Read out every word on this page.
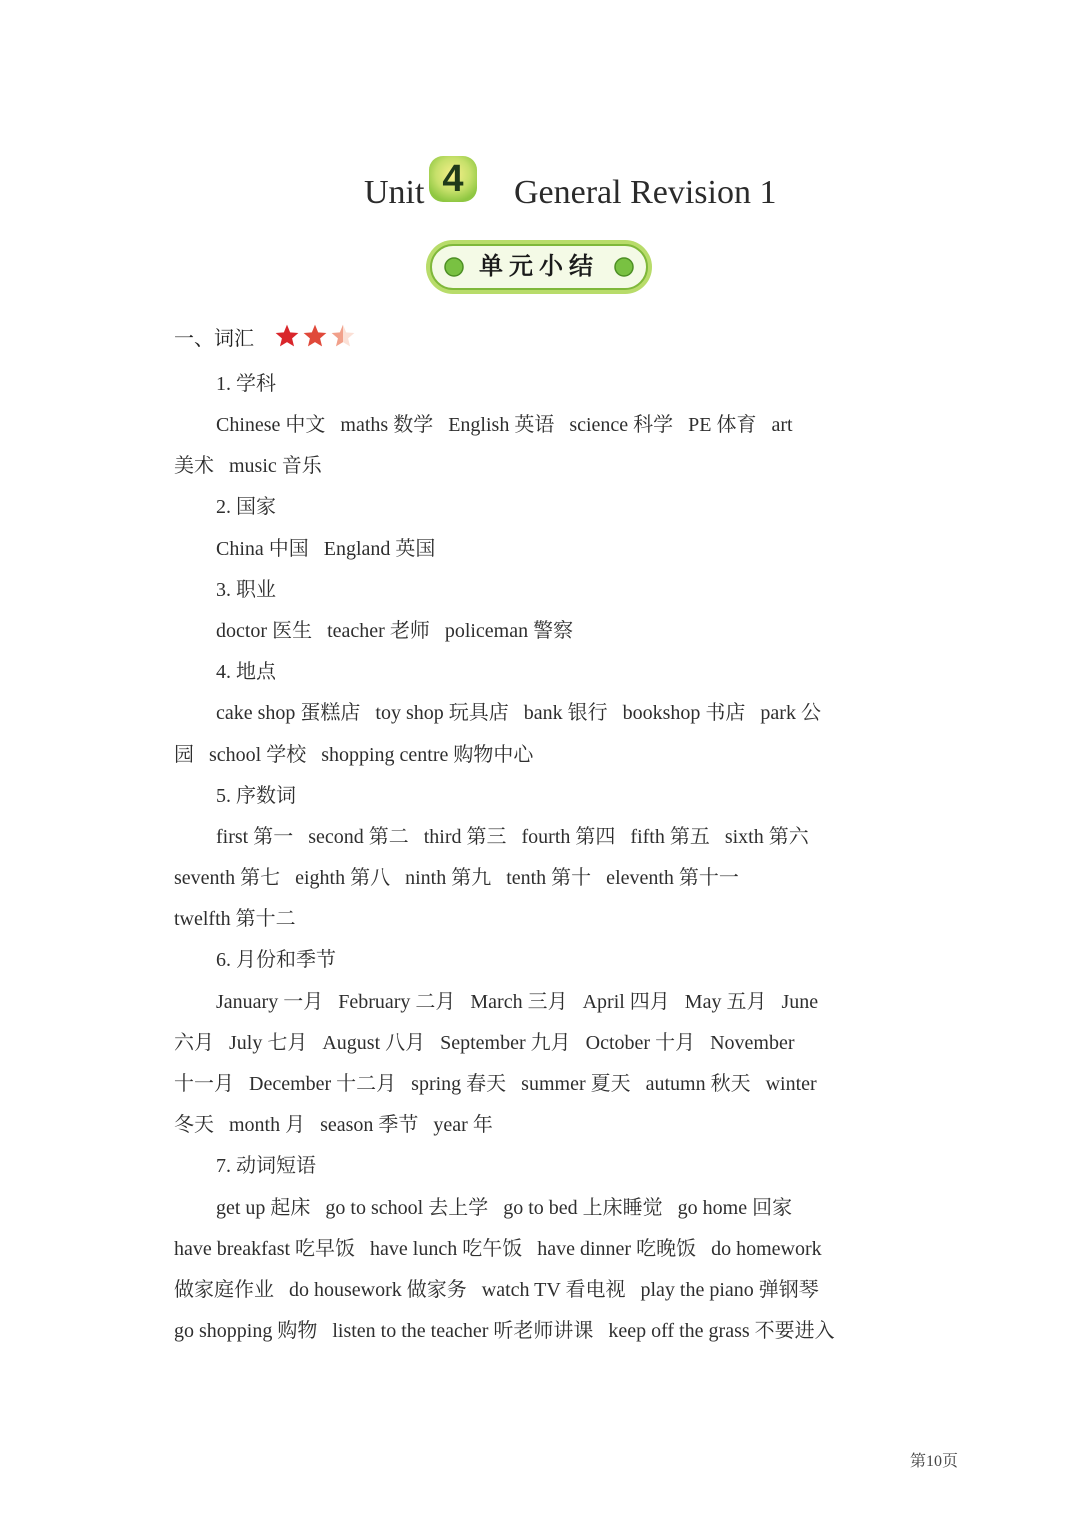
Unit 4	General Revision 1
单元小结
一、词汇
1. 学科
Chinese 中文   maths 数学   English 英语   science 科学   PE 体育   art
美术   music 音乐
2. 国家
China 中国   England 英国
3. 职业
doctor 医生   teacher 老师   policeman 警察
4. 地点
cake shop 蛋糕店   toy shop 玩具店   bank 银行   bookshop 书店   park 公
园   school 学校   shopping centre 购物中心
5. 序数词
first 第一   second 第二   third 第三   fourth 第四   fifth 第五   sixth 第六
seventh 第七   eighth 第八   ninth 第九   tenth 第十   eleventh 第十一
twelfth 第十二
6. 月份和季节
January 一月   February 二月   March 三月   April 四月   May 五月   June
六月   July 七月   August 八月   September 九月   October 十月   November
十一月   December 十二月   spring 春天   summer 夏天   autumn 秋天   winter
冬天   month 月   season 季节   year 年
7. 动词短语
get up 起床   go to school 去上学   go to bed 上床睡觉   go home 回家
have breakfast 吃早饭   have lunch 吃午饭   have dinner 吃晚饭   do homework
做家庭作业   do housework 做家务   watch TV 看电视   play the piano 弹钢琴
go shopping 购物   listen to the teacher 听老师讲课   keep off the grass 不要进入
第10页
